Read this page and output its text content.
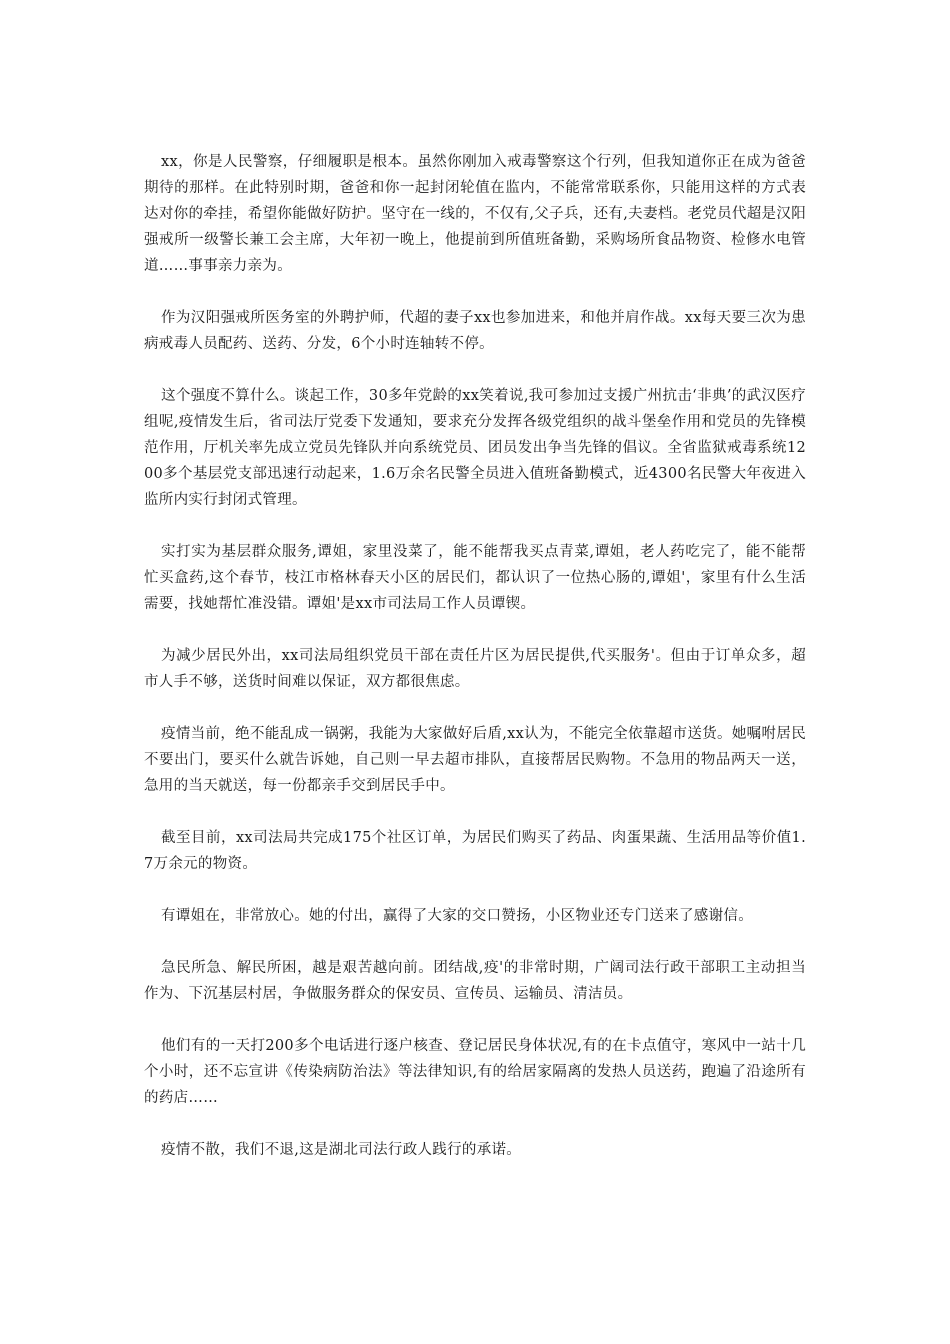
xx，你是人民警察，仔细履职是根本。虽然你刚加入戒毒警察这个行列，但我知道你正在成为爸爸期待的那样。在此特别时期，爸爸和你一起封闭轮值在监内，不能常常联系你，只能用这样的方式表达对你的牵挂，希望你能做好防护。坚守在一线的，不仅有,父子兵，还有,夫妻档。老党员代超是汉阳强戒所一级警长兼工会主席，大年初一晚上，他提前到所值班备勤，采购场所食品物资、检修水电管道……事事亲力亲为。

作为汉阳强戒所医务室的外聘护师，代超的妻子xx也参加进来，和他并肩作战。xx每天要三次为患病戒毒人员配药、送药、分发，6个小时连轴转不停。

这个强度不算什么。谈起工作，30多年党龄的xx笑着说,我可参加过支援广州抗击‘非典’的武汉医疗组呢,疫情发生后，省司法厅党委下发通知，要求充分发挥各级党组织的战斗堡垒作用和党员的先锋模范作用，厅机关率先成立党员先锋队并向系统党员、团员发出争当先锋的倡议。全省监狱戒毒系统1200多个基层党支部迅速行动起来，1.6万余名民警全员进入值班备勤模式，近4300名民警大年夜进入监所内实行封闭式管理。

实打实为基层群众服务,谭姐，家里没菜了，能不能帮我买点青菜,谭姐，老人药吃完了，能不能帮忙买盒药,这个春节，枝江市格林春天小区的居民们，都认识了一位热心肠的,谭姐'，家里有什么生活需要，找她帮忙准没错。谭姐'是xx市司法局工作人员谭锲。

为减少居民外出，xx司法局组织党员干部在责任片区为居民提供,代买服务'。但由于订单众多，超市人手不够，送货时间难以保证，双方都很焦虑。

疫情当前，绝不能乱成一锅粥，我能为大家做好后盾,xx认为，不能完全依靠超市送货。她嘱咐居民不要出门，要买什么就告诉她，自己则一早去超市排队，直接帮居民购物。不急用的物品两天一送，急用的当天就送，每一份都亲手交到居民手中。

截至目前，xx司法局共完成175个社区订单，为居民们购买了药品、肉蛋果蔬、生活用品等价值1.7万余元的物资。

有谭姐在，非常放心。她的付出，赢得了大家的交口赞扬，小区物业还专门送来了感谢信。

急民所急、解民所困，越是艰苦越向前。团结战,疫'的非常时期，广阔司法行政干部职工主动担当作为、下沉基层村居，争做服务群众的保安员、宣传员、运输员、清洁员。

他们有的一天打200多个电话进行逐户核查、登记居民身体状况,有的在卡点值守，寒风中一站十几个小时，还不忘宣讲《传染病防治法》等法律知识,有的给居家隔离的发热人员送药，跑遍了沿途所有的药店……

疫情不散，我们不退,这是湖北司法行政人践行的承诺。
